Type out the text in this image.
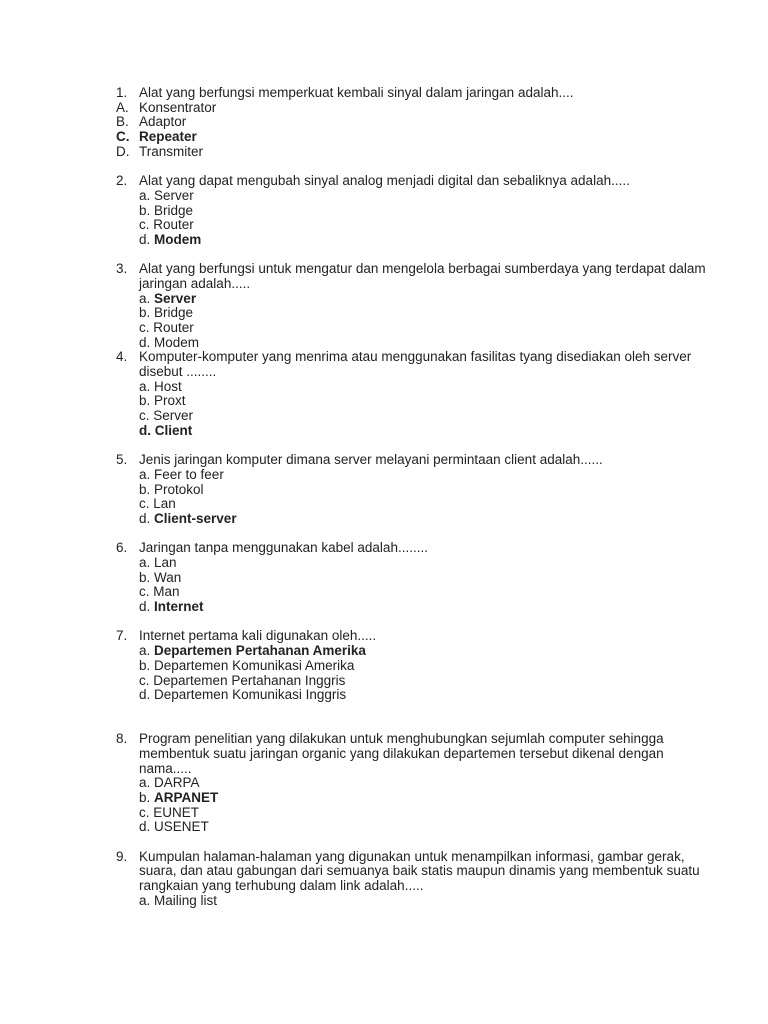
1. Alat yang berfungsi memperkuat kembali sinyal dalam jaringan adalah....
A. Konsentrator
B. Adaptor
C. Repeater
D. Transmiter
2. Alat yang dapat mengubah sinyal analog menjadi digital dan sebaliknya adalah.....
a. Server
b. Bridge
c. Router
d. Modem
3. Alat yang berfungsi untuk mengatur dan mengelola berbagai sumberdaya yang terdapat dalam
jaringan adalah.....
a. Server
b. Bridge
c. Router
d. Modem
4. Komputer-komputer yang menrima atau menggunakan fasilitas tyang disediakan oleh server
disebut ........
a. Host
b. Proxt
c. Server
d. Client
5. Jenis jaringan komputer dimana server melayani permintaan client adalah......
a. Feer to feer
b. Protokol
c. Lan
d. Client-server
6. Jaringan tanpa menggunakan kabel adalah........
a. Lan
b. Wan
c. Man
d. Internet
7. Internet pertama kali digunakan oleh.....
a. Departemen Pertahanan Amerika
b. Departemen Komunikasi Amerika
c. Departemen Pertahanan Inggris
d. Departemen Komunikasi Inggris
8. Program penelitian yang dilakukan untuk menghubungkan sejumlah computer sehingga
membentuk suatu jaringan organic yang dilakukan departemen tersebut dikenal dengan
nama.....
a. DARPA
b. ARPANET
c. EUNET
d. USENET
9. Kumpulan halaman-halaman yang digunakan untuk menampilkan informasi, gambar gerak,
suara, dan atau gabungan dari semuanya baik statis maupun dinamis yang membentuk suatu
rangkaian yang terhubung dalam link adalah.....
a. Mailing list
